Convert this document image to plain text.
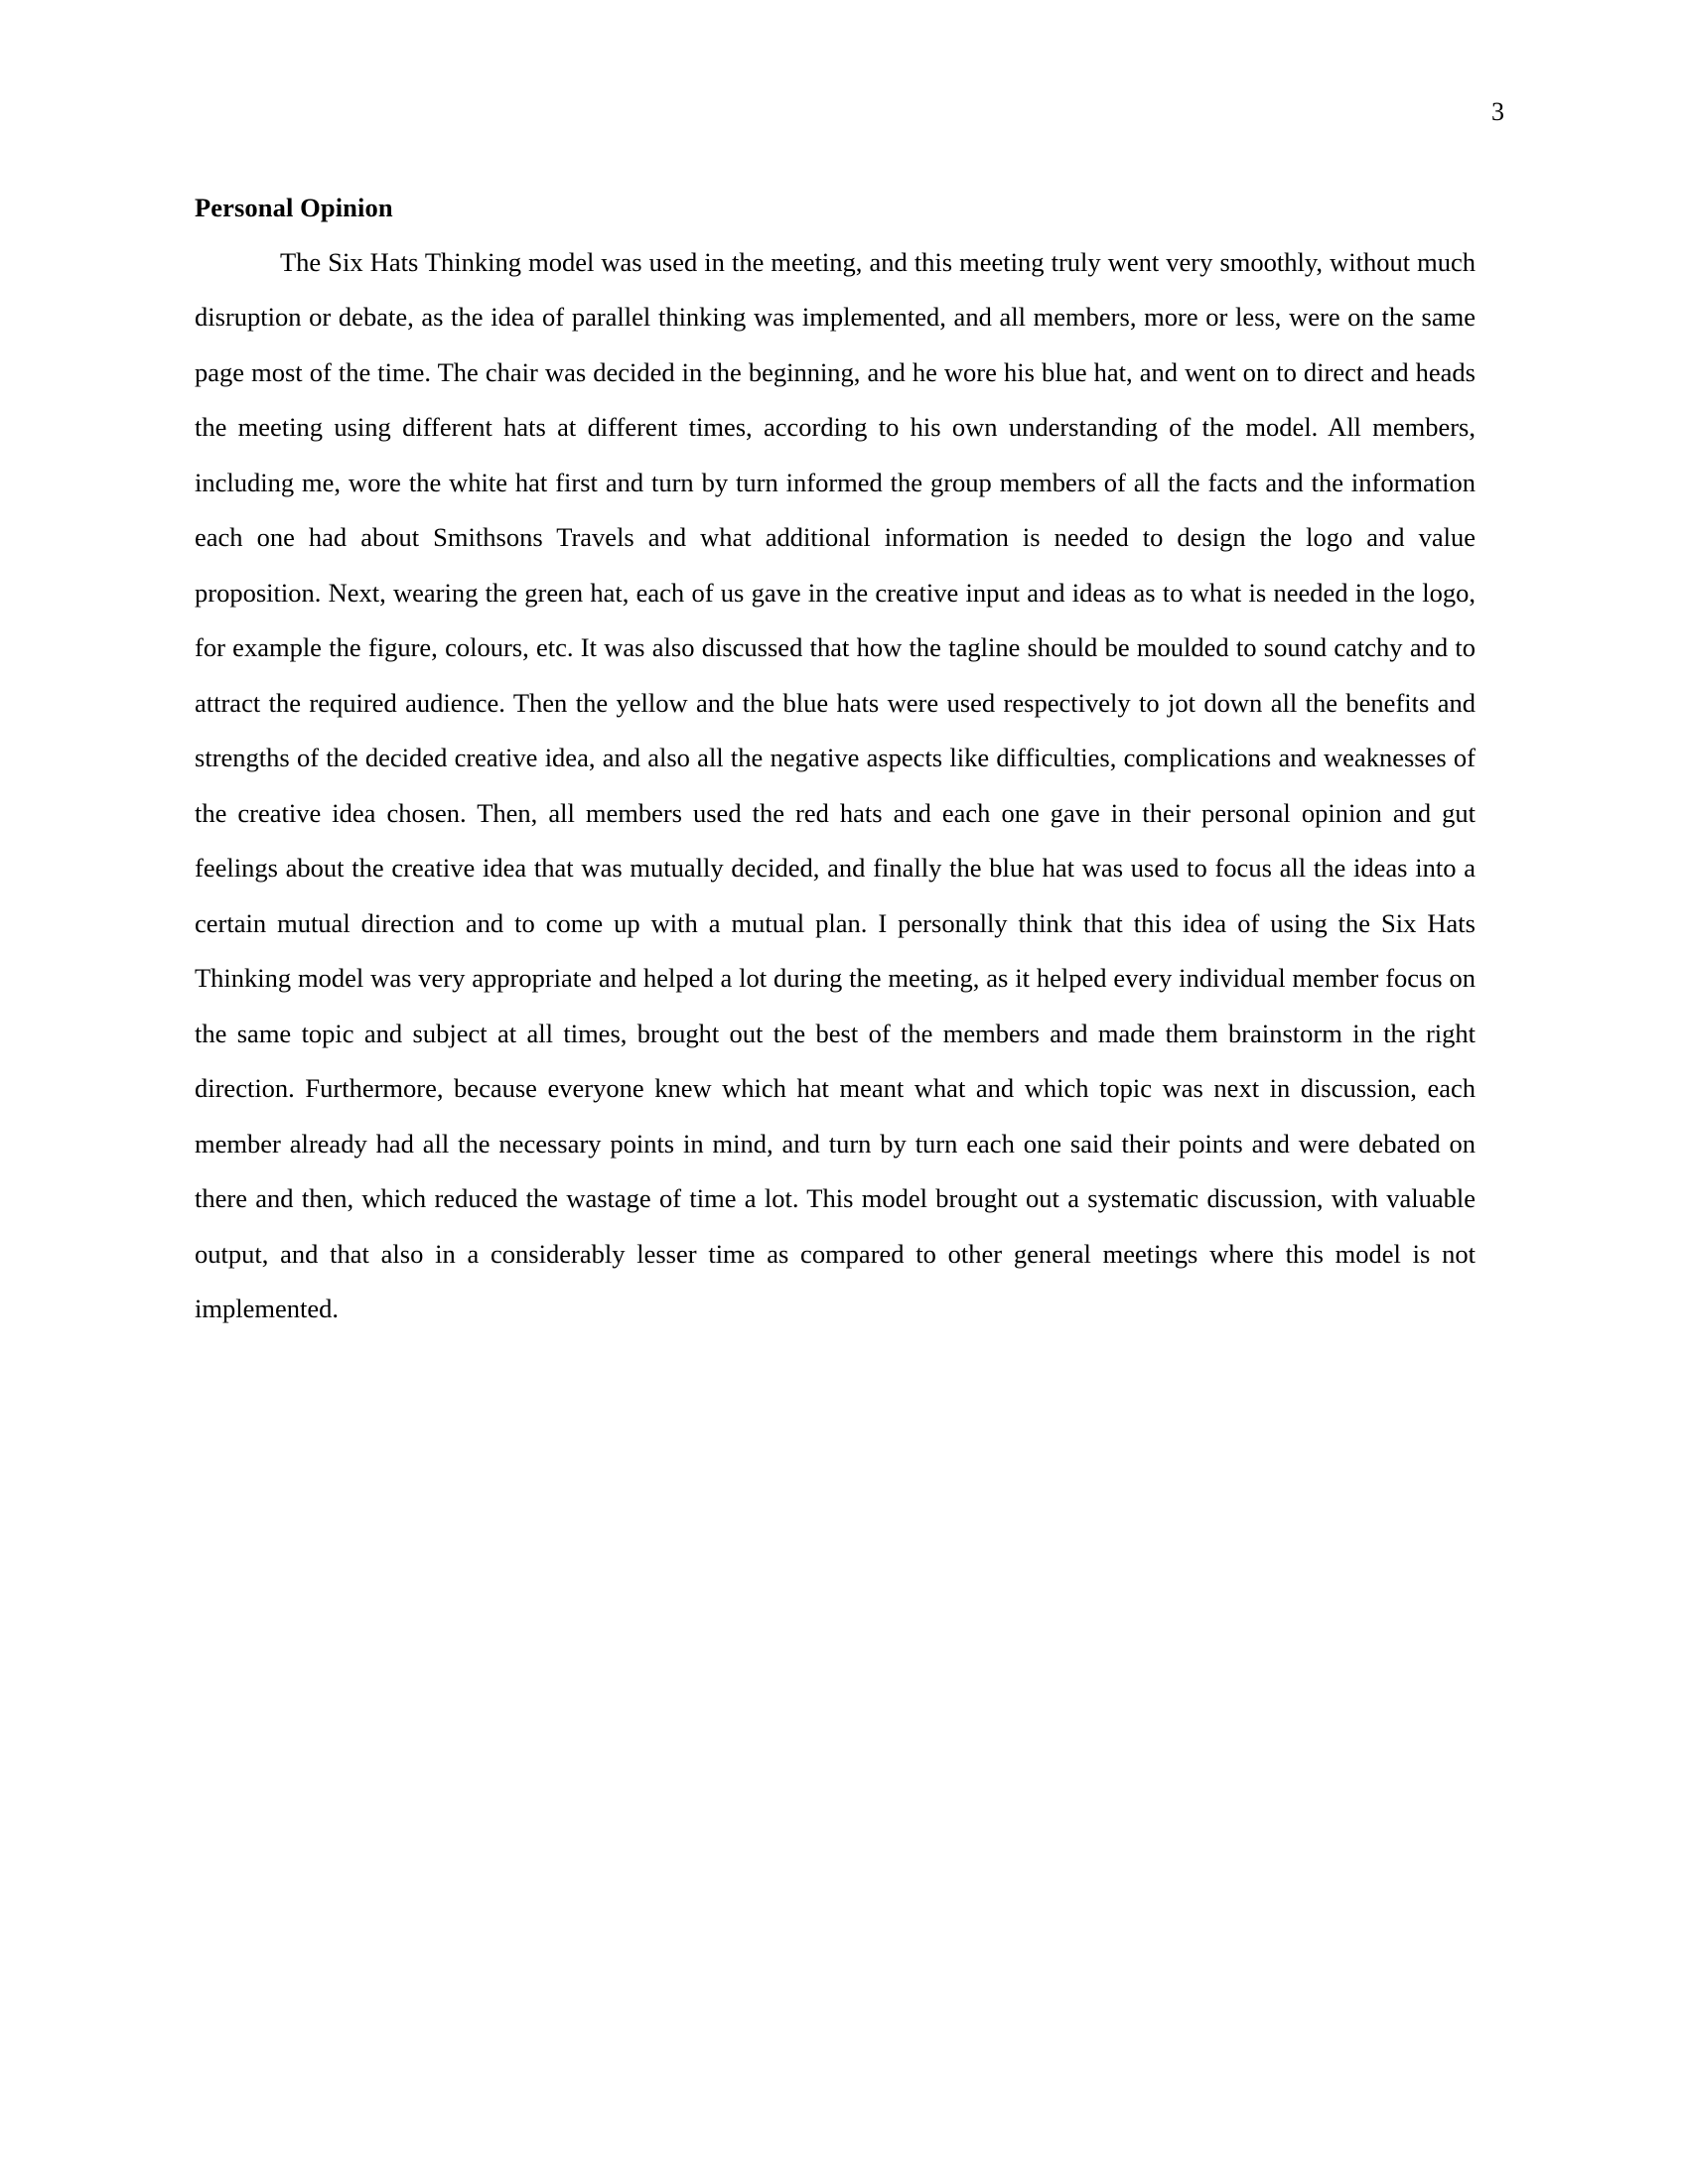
3
Personal Opinion

The Six Hats Thinking model was used in the meeting, and this meeting truly went very smoothly, without much disruption or debate, as the idea of parallel thinking was implemented, and all members, more or less, were on the same page most of the time. The chair was decided in the beginning, and he wore his blue hat, and went on to direct and heads the meeting using different hats at different times, according to his own understanding of the model. All members, including me, wore the white hat first and turn by turn informed the group members of all the facts and the information each one had about Smithsons Travels and what additional information is needed to design the logo and value proposition. Next, wearing the green hat, each of us gave in the creative input and ideas as to what is needed in the logo, for example the figure, colours, etc. It was also discussed that how the tagline should be moulded to sound catchy and to attract the required audience. Then the yellow and the blue hats were used respectively to jot down all the benefits and strengths of the decided creative idea, and also all the negative aspects like difficulties, complications and weaknesses of the creative idea chosen. Then, all members used the red hats and each one gave in their personal opinion and gut feelings about the creative idea that was mutually decided, and finally the blue hat was used to focus all the ideas into a certain mutual direction and to come up with a mutual plan. I personally think that this idea of using the Six Hats Thinking model was very appropriate and helped a lot during the meeting, as it helped every individual member focus on the same topic and subject at all times, brought out the best of the members and made them brainstorm in the right direction. Furthermore, because everyone knew which hat meant what and which topic was next in discussion, each member already had all the necessary points in mind, and turn by turn each one said their points and were debated on there and then, which reduced the wastage of time a lot. This model brought out a systematic discussion, with valuable output, and that also in a considerably lesser time as compared to other general meetings where this model is not implemented.
